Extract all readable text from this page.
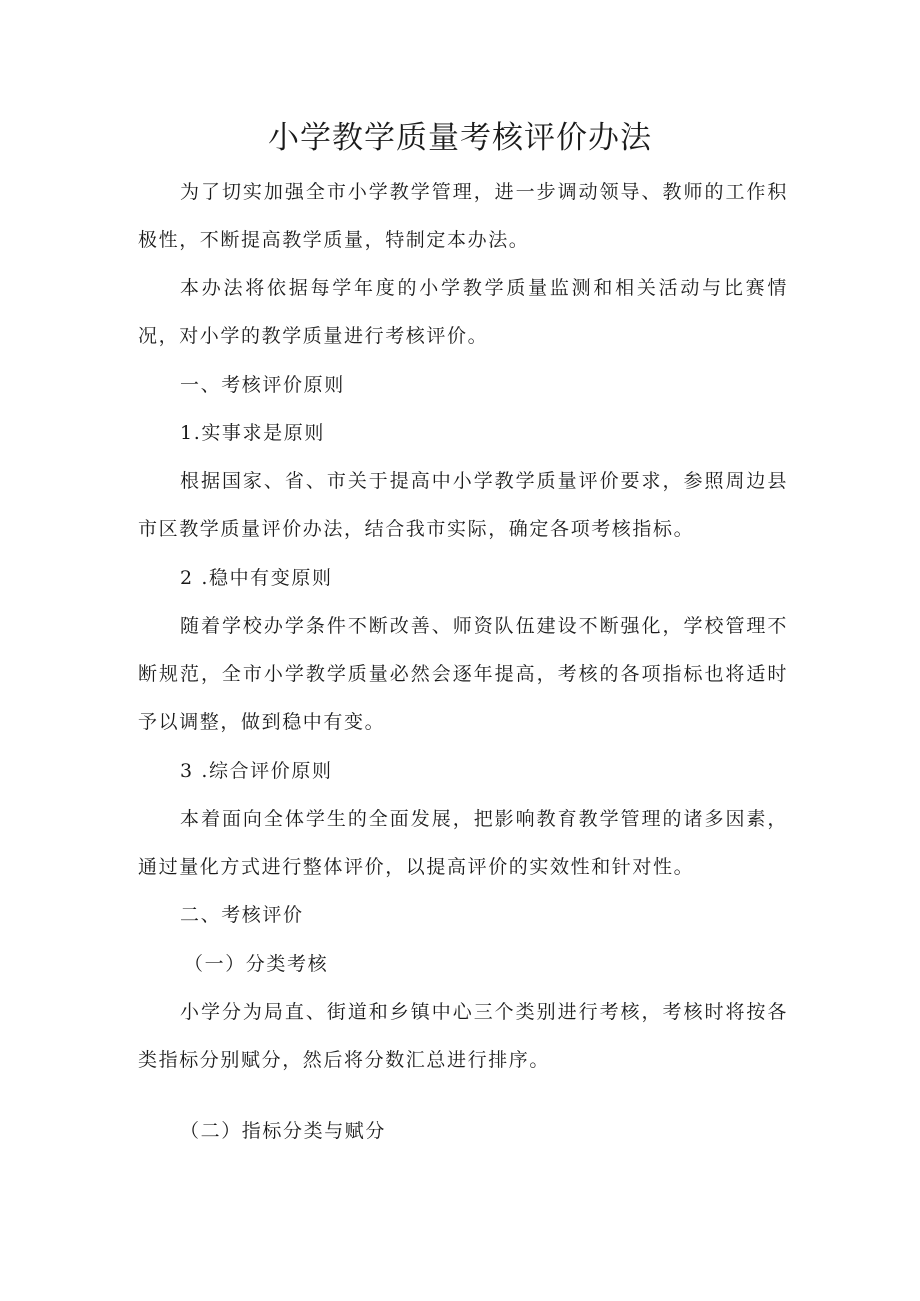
小学教学质量考核评价办法

为了切实加强全市小学教学管理，进一步调动领导、教师的工作积极性，不断提高教学质量，特制定本办法。

本办法将依据每学年度的小学教学质量监测和相关活动与比赛情况，对小学的教学质量进行考核评价。

一、考核评价原则

1.实事求是原则

根据国家、省、市关于提高中小学教学质量评价要求，参照周边县市区教学质量评价办法，结合我市实际，确定各项考核指标。

2 .稳中有变原则

随着学校办学条件不断改善、师资队伍建设不断强化，学校管理不断规范，全市小学教学质量必然会逐年提高，考核的各项指标也将适时予以调整，做到稳中有变。

3 .综合评价原则

本着面向全体学生的全面发展，把影响教育教学管理的诸多因素，通过量化方式进行整体评价，以提高评价的实效性和针对性。

二、考核评价

（一）分类考核

小学分为局直、街道和乡镇中心三个类别进行考核，考核时将按各类指标分别赋分，然后将分数汇总进行排序。

（二）指标分类与赋分
